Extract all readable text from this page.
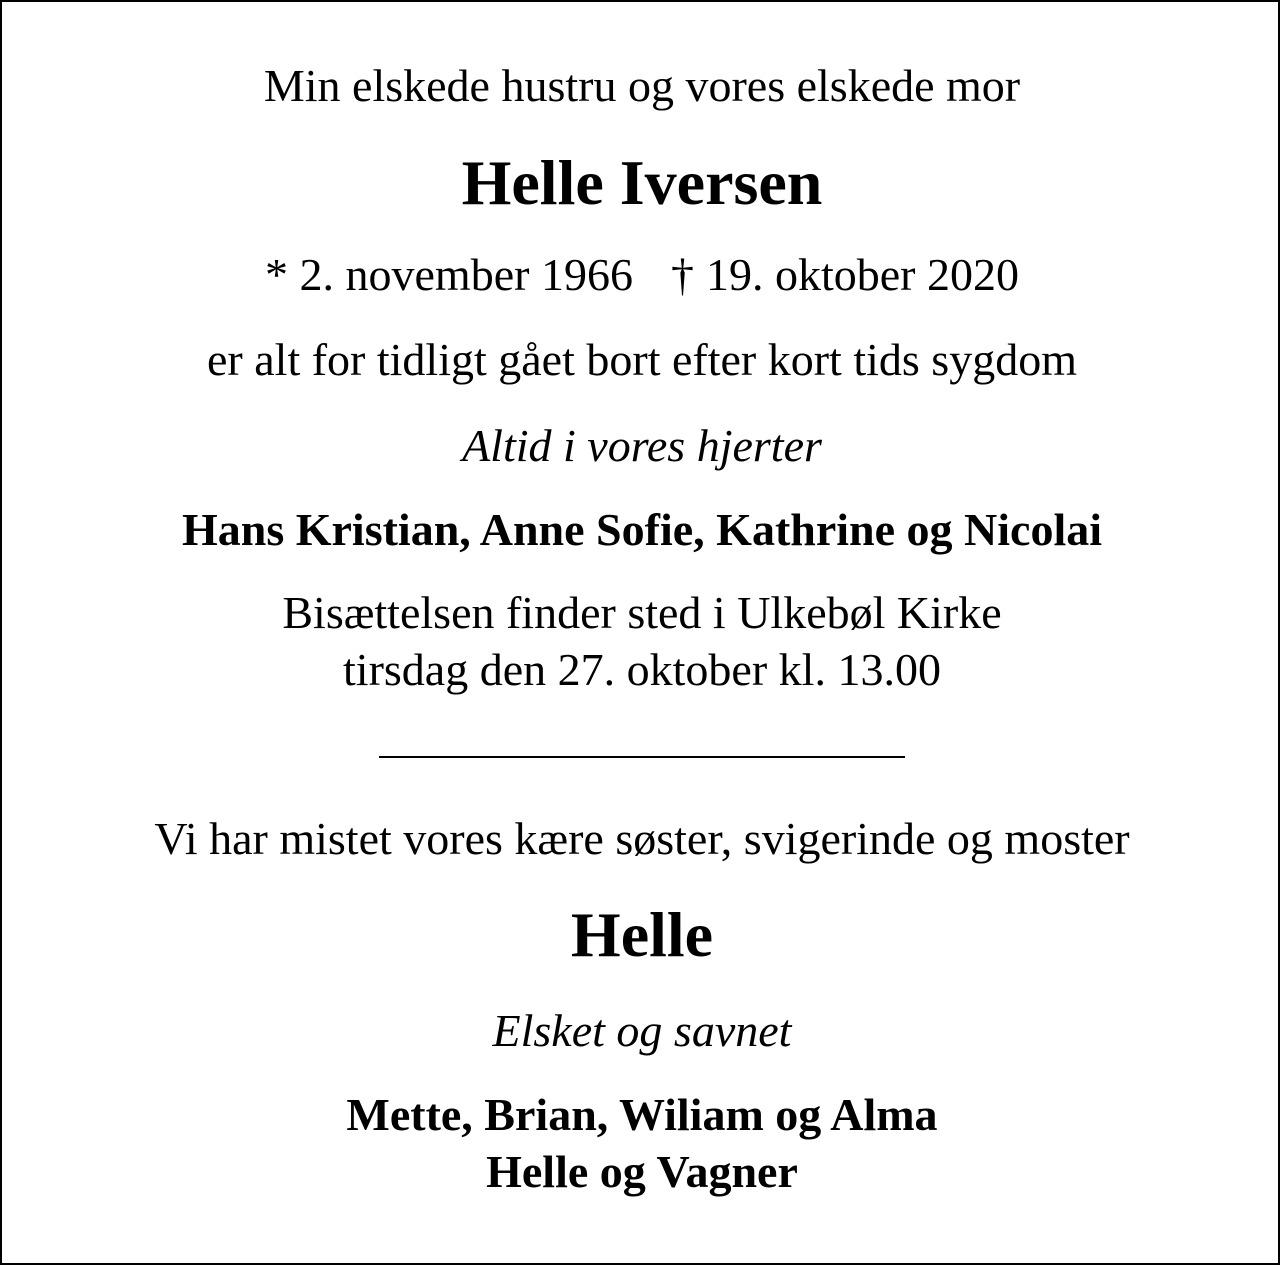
Min elskede hustru og vores elskede mor
Helle Iversen
* 2. november 1966 † 19. oktober 2020
er alt for tidligt gået bort efter kort tids sygdom
Altid i vores hjerter
Hans Kristian, Anne Sofie, Kathrine og Nicolai
Bisættelsen finder sted i Ulkebøl Kirke
tirsdag den 27. oktober kl. 13.00
Vi har mistet vores kære søster, svigerinde og moster
Helle
Elsket og savnet
Mette, Brian, Wiliam og Alma
Helle og Vagner
